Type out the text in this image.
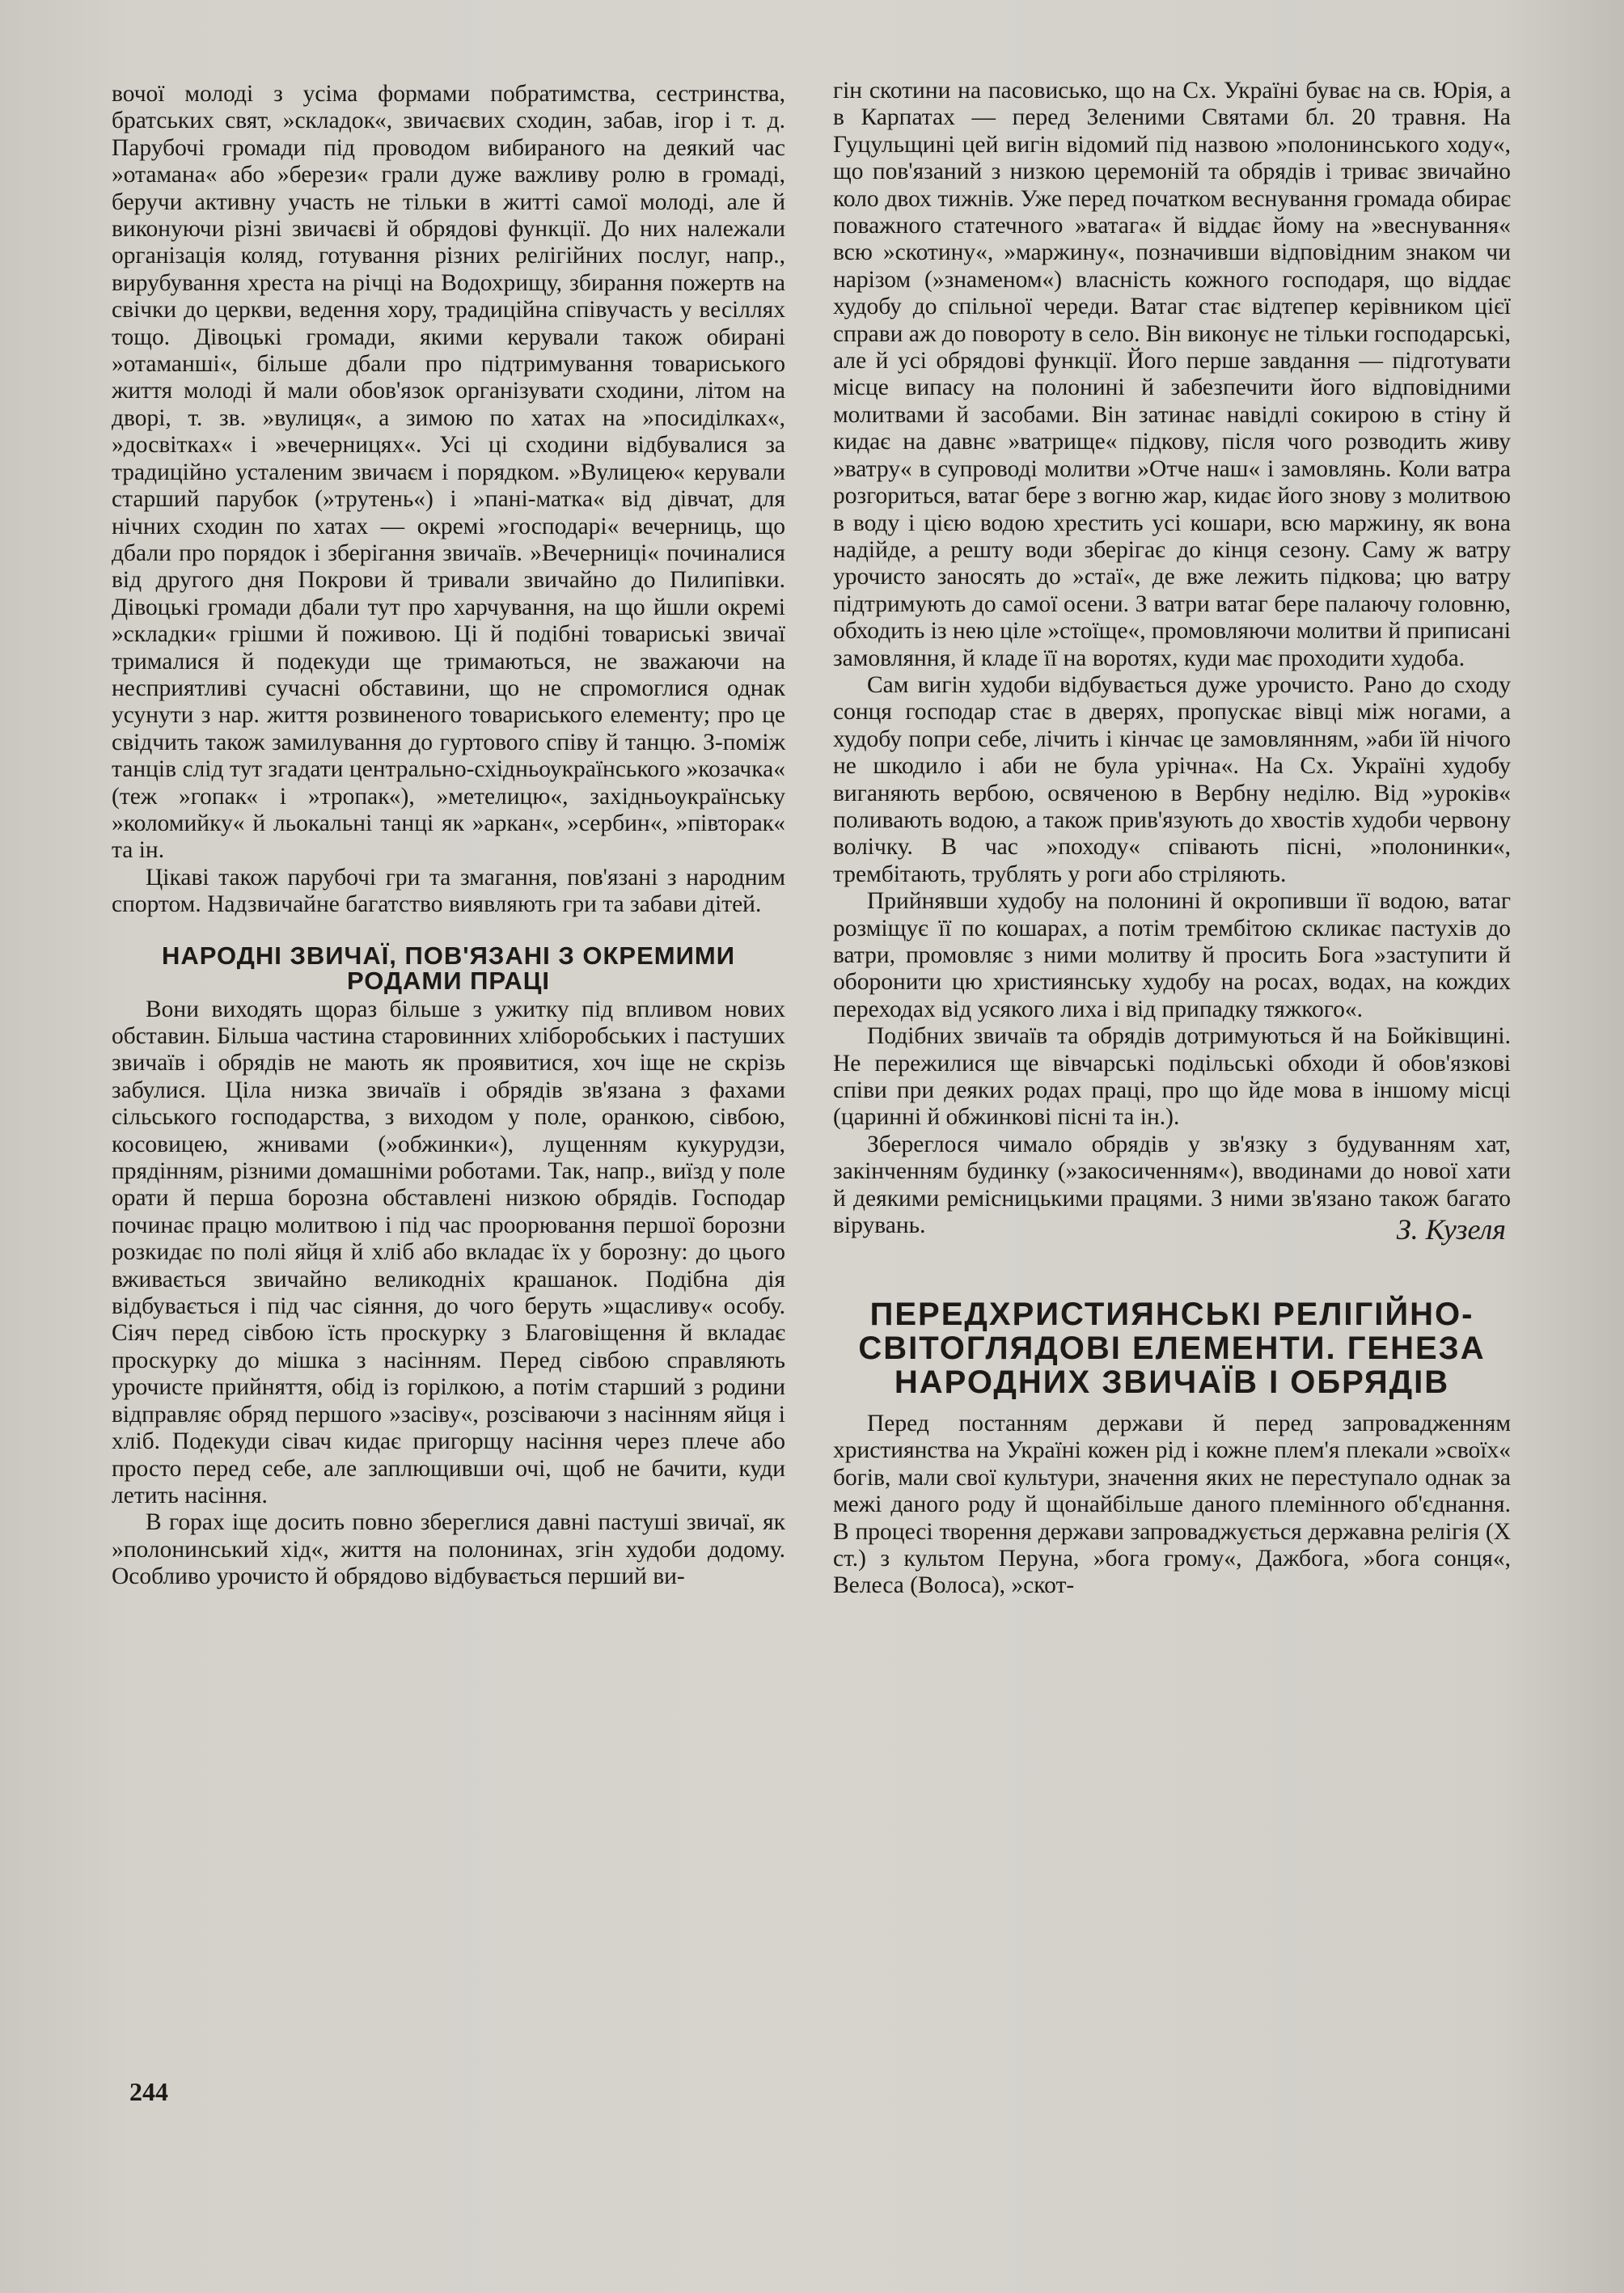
вочої молоді з усіма формами побратимства, сестринства, братських свят, »складок«, звичаєвих сходин, забав, ігор і т. д. Парубочі громади під проводом вибираного на деякий час »отамана« або »берези« грали дуже важливу ролю в громаді, беручи активну участь не тільки в житті самої молоді, але й виконуючи різні звичаєві й обрядові функції. До них належали організація коляд, готування різних релігійних послуг, напр., вирубування хреста на річці на Водохрищу, збирання пожертв на свічки до церкви, ведення хору, традиційна співучасть у весіллях тощо. Дівоцькі громади, якими керували також обирані »отаманші«, більше дбали про підтримування товариського життя молоді й мали обов'язок організувати сходини, літом на дворі, т. зв. »вулиця«, а зимою по хатах на »посиділках«, »досвітках« і »вечерницях«. Усі ці сходини відбувалися за традиційно усталеним звичаєм і порядком. »Вулицею« керували старший парубок (»трутень«) і »пані-матка« від дівчат, для нічних сходин по хатах — окремі »господарі« вечерниць, що дбали про порядок і зберігання звичаїв. »Вечерниці« починалися від другого дня Покрови й тривали звичайно до Пилипівки. Дівоцькі громади дбали тут про харчування, на що йшли окремі »складки« грішми й поживою. Ці й подібні товариські звичаї трималися й подекуди ще тримаються, не зважаючи на несприятливі сучасні обставини, що не спромоглися однак усунути з нар. життя розвиненого товариського елементу; про це свідчить також замилування до гуртового співу й танцю. З-поміж танців слід тут згадати центрально-східньоукраїнського »козачка« (теж »гопак« і »тропак«), »метелицю«, західньоукраїнську »коломийку« й льокальні танці як »аркан«, »сербин«, »півторак« та ін.

Цікаві також парубочі гри та змагання, пов'язані з народним спортом. Надзвичайне багатство виявляють гри та забави дітей.

НАРОДНІ ЗВИЧАЇ, ПОВ'ЯЗАНІ З ОКРЕМИМИ РОДАМИ ПРАЦІ

Вони виходять щораз більше з ужитку під впливом нових обставин. Більша частина старовинних хліборобських і пастуших звичаїв і обрядів не мають як проявитися, хоч іще не скрізь забулися. Ціла низка звичаїв і обрядів зв'язана з фахами сільського господарства, з виходом у поле, оранкою, сівбою, косовицею, жнивами (»обжинки«), лущенням кукурудзи, прядінням, різними домашніми роботами. Так, напр., виїзд у поле орати й перша борозна обставлені низкою обрядів. Господар починає працю молитвою і під час проорювання першої борозни розкидає по полі яйця й хліб або вкладає їх у борозну: до цього вживається звичайно великодніх крашанок. Подібна дія відбувається і під час сіяння, до чого беруть »щасливу« особу. Сіяч перед сівбою їсть проскурку з Благовіщення й вкладає проскурку до мішка з насінням. Перед сівбою справляють урочисте прийняття, обід із горілкою, а потім старший з родини відправляє обряд першого »засіву«, розсіваючи з насінням яйця і хліб. Подекуди сівач кидає пригорщу насіння через плече або просто перед себе, але заплющивши очі, щоб не бачити, куди летить насіння.

В горах іще досить повно збереглися давні пастуші звичаї, як »полонинський хід«, життя на полонинах, згін худоби додому. Особливо урочисто й обрядово відбувається перший ви-

гін скотини на пасовисько, що на Сх. Україні буває на св. Юрія, а в Карпатах — перед Зеленими Святами бл. 20 травня. На Гуцульщині цей вигін відомий під назвою »полонинського ходу«, що пов'язаний з низкою церемоній та обрядів і триває звичайно коло двох тижнів. Уже перед початком веснування громада обирає поважного статечного »ватага« й віддає йому на »веснування« всю »скотину«, »маржину«, позначивши відповідним знаком чи нарізом (»знаменом«) власність кожного господаря, що віддає худобу до спільної череди. Ватаг стає відтепер керівником цієї справи аж до повороту в село. Він виконує не тільки господарські, але й усі обрядові функції. Його перше завдання — підготувати місце випасу на полонині й забезпечити його відповідними молитвами й засобами. Він затинає навідлі сокирою в стіну й кидає на давнє »ватрище« підкову, після чого розводить живу »ватру« в супроводі молитви »Отче наш« і замовлянь. Коли ватра розгориться, ватаг бере з вогню жар, кидає його знову з молитвою в воду і цією водою хрестить усі кошари, всю маржину, як вона надійде, а решту води зберігає до кінця сезону. Саму ж ватру урочисто заносять до »стаї«, де вже лежить підкова; цю ватру підтримують до самої осени. З ватри ватаг бере палаючу головню, обходить із нею ціле »стоїще«, промовляючи молитви й приписані замовляння, й кладе її на воротях, куди має проходити худоба.

Сам вигін худоби відбувається дуже урочисто. Рано до сходу сонця господар стає в дверях, пропускає вівці між ногами, а худобу попри себе, лічить і кінчає це замовлянням, »аби їй нічого не шкодило і аби не була урічна«. На Сх. Україні худобу виганяють вербою, освяченою в Вербну неділю. Від »уроків« поливають водою, а також прив'язують до хвостів худоби червону волічку. В час »походу« співають пісні, »полонинки«, трембітають, трублять у роги або стріляють.

Прийнявши худобу на полонині й окропивши її водою, ватаг розміщує її по кошарах, а потім трембітою скликає пастухів до ватри, промовляє з ними молитву й просить Бога »заступити й оборонити цю християнську худобу на росах, водах, на кождих переходах від усякого лиха і від припадку тяжкого«.

Подібних звичаїв та обрядів дотримуються й на Бойківщині. Не пережилися ще вівчарські подільські обходи й обов'язкові співи при деяких родах праці, про що йде мова в іншому місці (царинні й обжинкові пісні та ін.).

Збереглося чимало обрядів у зв'язку з будуванням хат, закінченням будинку (»закосиченням«), вводинами до нової хати й деякими ремісницькими працями. З ними зв'язано також багато вірувань.	З. Кузеля
ПЕРЕДХРИСТИЯНСЬКІ РЕЛІГІЙНО-СВІТОГЛЯДОВІ ЕЛЕМЕНТИ. ГЕНЕЗА НАРОДНИХ ЗВИЧАЇВ І ОБРЯДІВ

Перед постанням держави й перед запровадженням християнства на Україні кожен рід і кожне плем'я плекали »своїх« богів, мали свої культури, значення яких не переступало однак за межі даного роду й щонайбільше даного племінного об'єднання. В процесі творення держави запроваджується державна релігія (Х ст.) з культом Перуна, »бога грому«, Дажбога, »бога сонця«, Велеса (Волоса), »скот-

244
